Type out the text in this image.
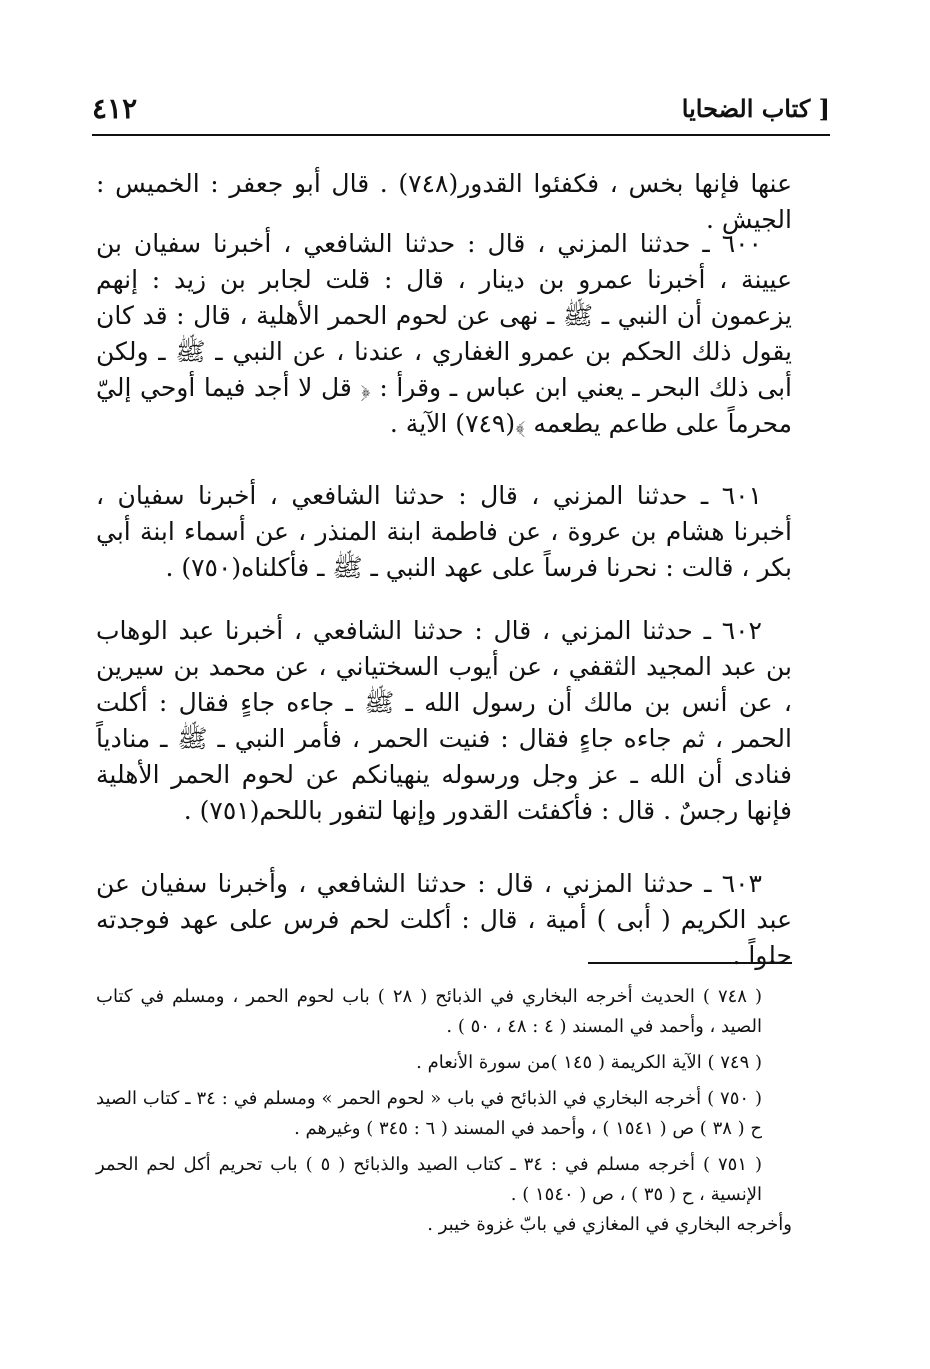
[ كتاب الضحايا
٤١٢

عنها فإنها بخس ، فكفئوا القدور(٧٤٨) . قال أبو جعفر : الخميس : الجيش .

٦٠٠ ـ حدثنا المزني ، قال : حدثنا الشافعي ، أخبرنا سفيان بن عيينة ، أخبرنا عمرو بن دينار ، قال : قلت لجابر بن زيد : إنهم يزعمون أن النبي ـ ﷺ ـ نهى عن لحوم الحمر الأهلية ، قال : قد كان يقول ذلك الحكم بن عمرو الغفاري ، عندنا ، عن النبي ـ ﷺ ـ ولكن أبى ذلك البحر ـ يعني ابن عباس ـ وقرأ : ﴿ قل لا أجد فيما أوحي إليّ محرماً على طاعم يطعمه ﴾(٧٤٩) الآية .

٦٠١ ـ حدثنا المزني ، قال : حدثنا الشافعي ، أخبرنا سفيان ، أخبرنا هشام بن عروة ، عن فاطمة ابنة المنذر ، عن أسماء ابنة أبي بكر ، قالت : نحرنا فرساً على عهد النبي ـ ﷺ ـ فأكلناه(٧٥٠) .

٦٠٢ ـ حدثنا المزني ، قال : حدثنا الشافعي ، أخبرنا عبد الوهاب بن عبد المجيد الثقفي ، عن أيوب السختياني ، عن محمد بن سيرين ، عن أنس بن مالك أن رسول الله ـ ﷺ ـ جاءه جاءٍ فقال : أكلت الحمر ، ثم جاءه جاءٍ فقال : فنيت الحمر ، فأمر النبي ـ ﷺ ـ منادياً فنادى أن الله ـ عز وجل ورسوله ينهيانكم عن لحوم الحمر الأهلية فإنها رجسٌ . قال : فأكفئت القدور وإنها لتفور باللحم(٧٥١) .

٦٠٣ ـ حدثنا المزني ، قال : حدثنا الشافعي ، وأخبرنا سفيان عن عبد الكريم ( أبى ) أمية ، قال : أكلت لحم فرس على عهد فوجدته حلواً .

( ٧٤٨ ) الحديث أخرجه البخاري في الذبائح ( ٢٨ ) باب لحوم الحمر ، ومسلم في كتاب الصيد ، وأحمد في المسند ( ٤ : ٤٨ ، ٥٠ ) .

( ٧٤٩ ) الآية الكريمة ( ١٤٥ )من سورة الأنعام .

( ٧٥٠ ) أخرجه البخاري في الذبائح في باب « لحوم الحمر » ومسلم في : ٣٤ ـ كتاب الصيد ح ( ٣٨ ) ص ( ١٥٤١ ) ، وأحمد في المسند ( ٦ : ٣٤٥ ) وغيرهم .

( ٧٥١ ) أخرجه مسلم في : ٣٤ ـ كتاب الصيد والذبائح ( ٥ ) باب تحريم أكل لحم الحمر الإنسية ، ح ( ٣٥ ) ، ص ( ١٥٤٠ ) .

وأخرجه البخاري في المغازي في بابّ غزوة خيبر .
